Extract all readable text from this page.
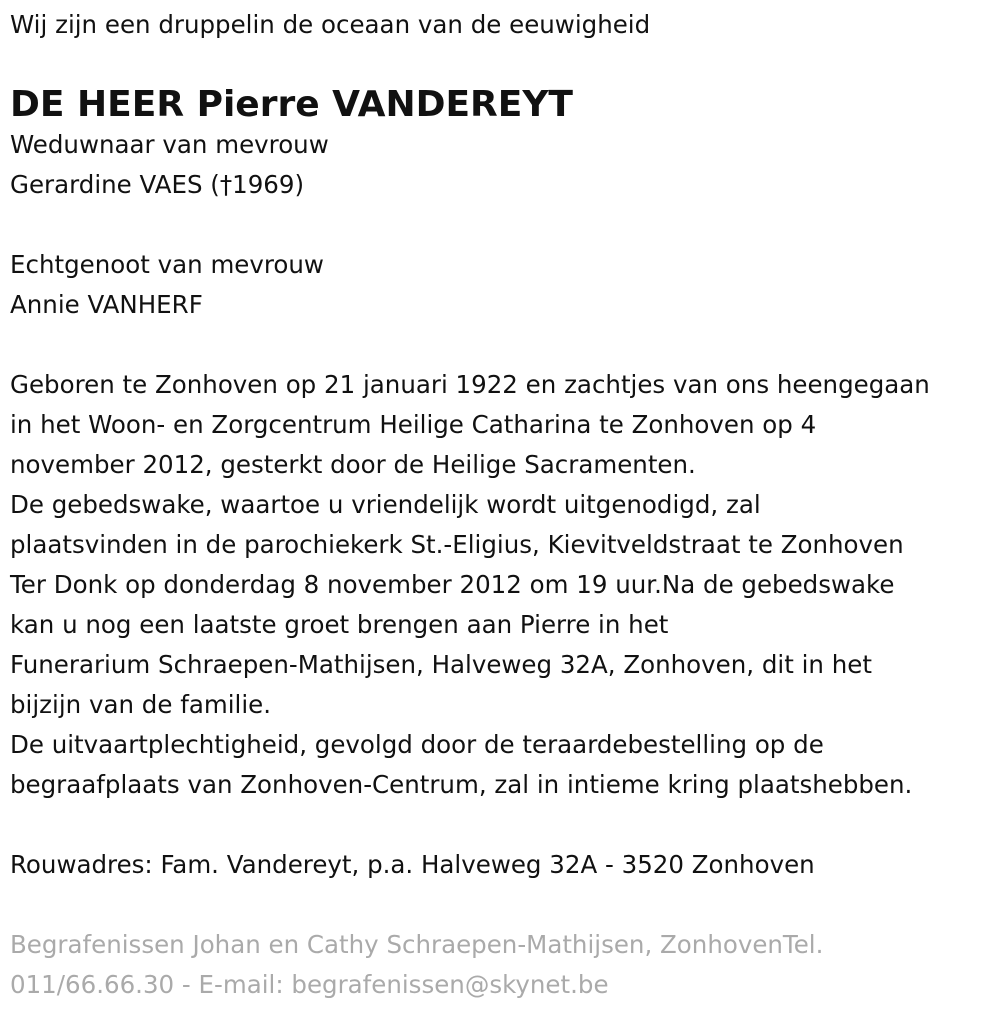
Wij zijn een druppelin de oceaan van de eeuwigheid

DE HEER Pierre VANDEREYT

Weduwnaar van mevrouw

Gerardine VAES (†1969)

Echtgenoot van mevrouw

Annie VANHERF

Geboren te Zonhoven op 21 januari 1922 en zachtjes van ons heengegaan

in het Woon- en Zorgcentrum Heilige Catharina te Zonhoven op 4

november 2012, gesterkt door de Heilige Sacramenten.

De gebedswake, waartoe u vriendelijk wordt uitgenodigd, zal

plaatsvinden in de parochiekerk St.-Eligius, Kievitveldstraat te Zonhoven

Ter Donk op donderdag 8 november 2012 om 19 uur.Na de gebedswake

kan u nog een laatste groet brengen aan Pierre in het

Funerarium Schraepen-Mathijsen, Halveweg 32A, Zonhoven, dit in het

bijzijn van de familie.

De uitvaartplechtigheid, gevolgd door de teraardebestelling op de

begraafplaats van Zonhoven-Centrum, zal in intieme kring plaatshebben.

Rouwadres: Fam. Vandereyt, p.a. Halveweg 32A - 3520 Zonhoven

Begrafenissen Johan en Cathy Schraepen-Mathijsen, ZonhovenTel.

011/66.66.30 - E-mail: begrafenissen@skynet.be
